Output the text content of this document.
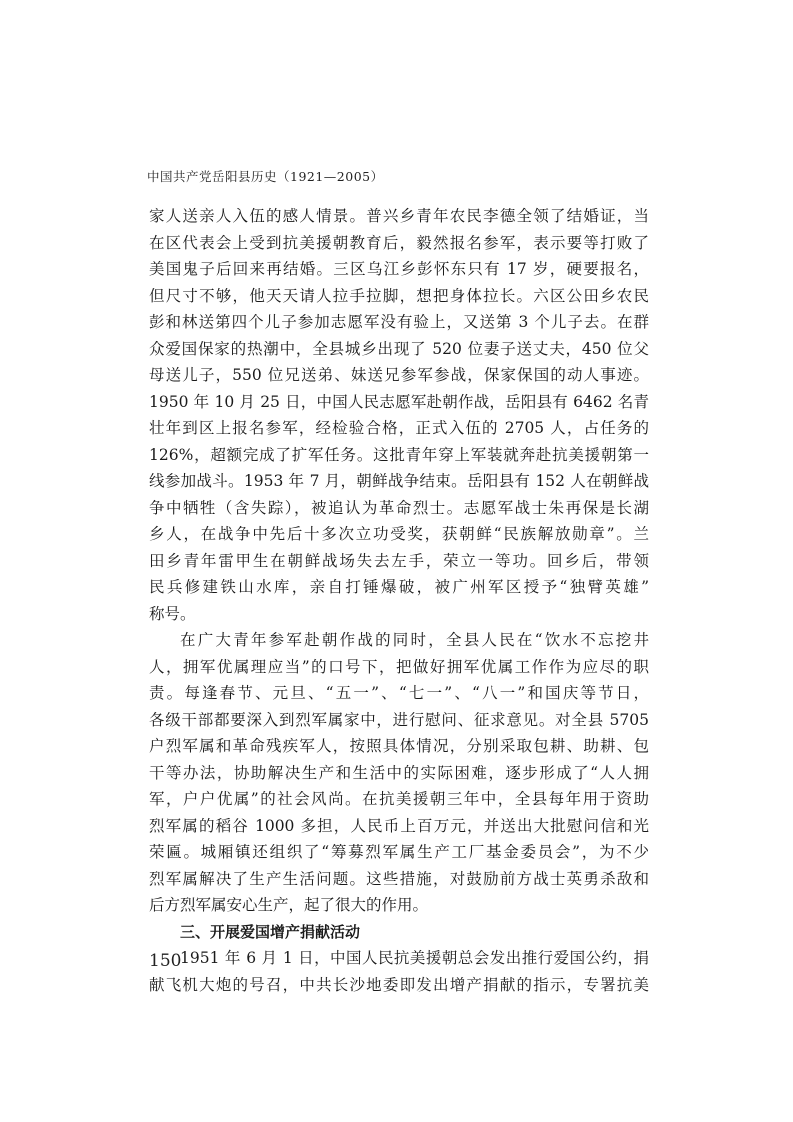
中国共产党岳阳县历史（1921—2005）
家人送亲人入伍的感人情景。普兴乡青年农民李德全领了结婚证，当
在区代表会上受到抗美援朝教育后，毅然报名参军，表示要等打败了
美国鬼子后回来再结婚。三区乌江乡彭怀东只有 17 岁，硬要报名，
但尺寸不够，他天天请人拉手拉脚，想把身体拉长。六区公田乡农民
彭和林送第四个儿子参加志愿军没有验上，又送第 3 个儿子去。在群
众爱国保家的热潮中，全县城乡出现了 520 位妻子送丈夫，450 位父
母送儿子，550 位兄送弟、妹送兄参军参战，保家保国的动人事迹。
1950 年 10 月 25 日，中国人民志愿军赴朝作战，岳阳县有 6462 名青
壮年到区上报名参军，经检验合格，正式入伍的 2705 人，占任务的
126%，超额完成了扩军任务。这批青年穿上军装就奔赴抗美援朝第一
线参加战斗。1953 年 7 月，朝鲜战争结束。岳阳县有 152 人在朝鲜战
争中牺牲（含失踪），被追认为革命烈士。志愿军战士朱再保是长湖
乡人，在战争中先后十多次立功受奖，获朝鲜“民族解放勋章”。兰
田乡青年雷甲生在朝鲜战场失去左手，荣立一等功。回乡后，带领
民兵修建铁山水库，亲自打锤爆破，被广州军区授予“独臂英雄”
称号。
在广大青年参军赴朝作战的同时，全县人民在“饮水不忘挖井
人，拥军优属理应当”的口号下，把做好拥军优属工作作为应尽的职
责。每逢春节、元旦、“五一”、“七一”、“八一”和国庆等节日，
各级干部都要深入到烈军属家中，进行慰问、征求意见。对全县 5705
户烈军属和革命残疾军人，按照具体情况，分别采取包耕、助耕、包
干等办法，协助解决生产和生活中的实际困难，逐步形成了“人人拥
军，户户优属”的社会风尚。在抗美援朝三年中，全县每年用于资助
烈军属的稻谷 1000 多担，人民币上百万元，并送出大批慰问信和光
荣匾。城厢镇还组织了“筹募烈军属生产工厂基金委员会”，为不少
烈军属解决了生产生活问题。这些措施，对鼓励前方战士英勇杀敌和
后方烈军属安心生产，起了很大的作用。
三、开展爱国增产捐献活动
1951 年 6 月 1 日，中国人民抗美援朝总会发出推行爱国公约，捐
献飞机大炮的号召，中共长沙地委即发出增产捐献的指示，专署抗美
150
